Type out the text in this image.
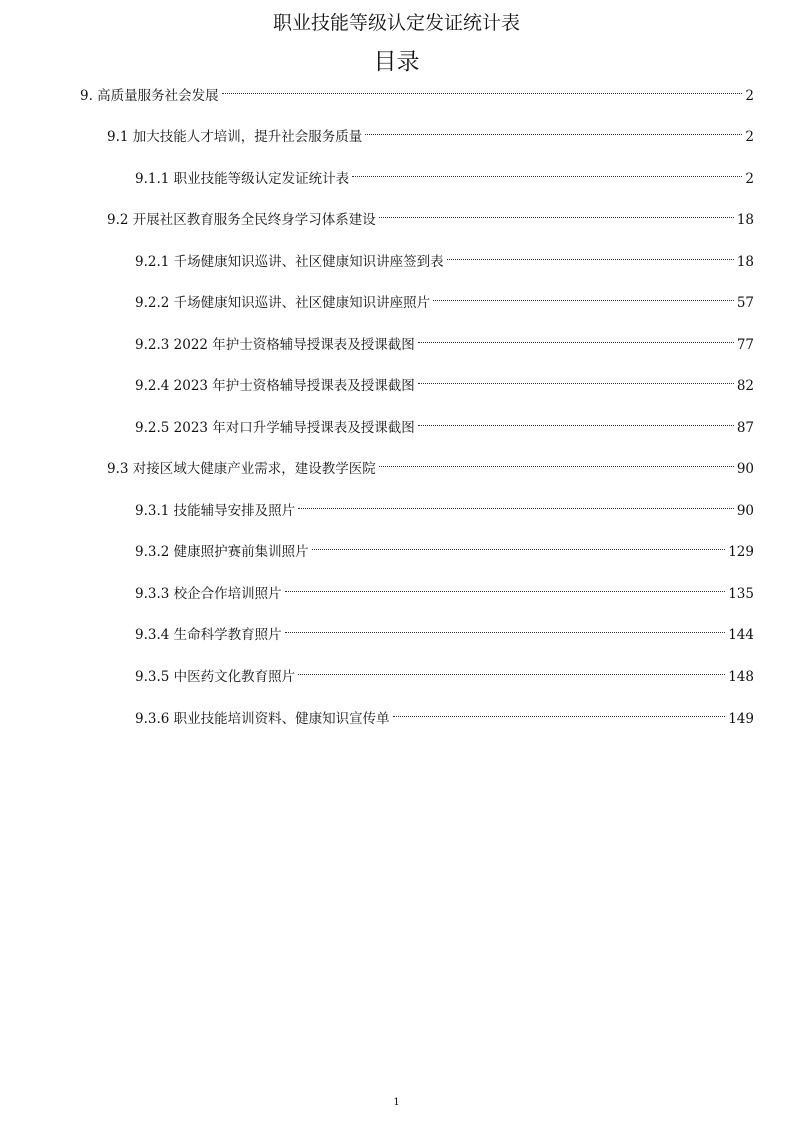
职业技能等级认定发证统计表
目录
9. 高质量服务社会发展	2
9.1 加大技能人才培训，提升社会服务质量	2
9.1.1 职业技能等级认定发证统计表	2
9.2 开展社区教育服务全民终身学习体系建设	18
9.2.1 千场健康知识巡讲、社区健康知识讲座签到表	18
9.2.2 千场健康知识巡讲、社区健康知识讲座照片	57
9.2.3 2022 年护士资格辅导授课表及授课截图	77
9.2.4 2023 年护士资格辅导授课表及授课截图	82
9.2.5 2023 年对口升学辅导授课表及授课截图	87
9.3 对接区域大健康产业需求，建设教学医院	90
9.3.1 技能辅导安排及照片	90
9.3.2 健康照护赛前集训照片	129
9.3.3 校企合作培训照片	135
9.3.4 生命科学教育照片	144
9.3.5 中医药文化教育照片	148
9.3.6 职业技能培训资料、健康知识宣传单	149
1
